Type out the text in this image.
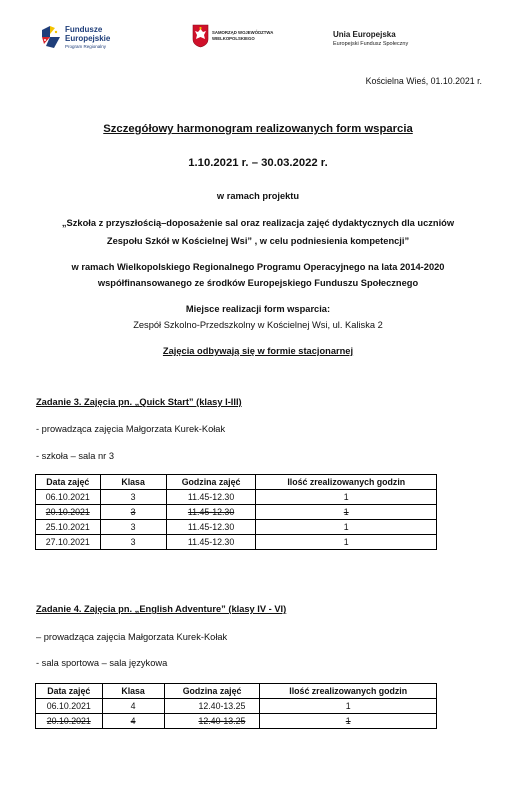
Fundusze
Europejskie
Program Regionalny
SAMORZĄD WOJEWÓDZTWA
WIELKOPOLSKIEGO	Unia Europejska
Europejski Fundusz Społeczny
Kościelna Wieś, 01.10.2021 r.
Szczegółowy harmonogram realizowanych form wsparcia
1.10.2021 r. – 30.03.2022 r.
w ramach projektu
„Szkoła z przyszłością–doposażenie sal oraz realizacja zajęć dydaktycznych dla uczniów
Zespołu Szkół w Kościelnej Wsi” , w celu podniesienia kompetencji”
w ramach Wielkopolskiego Regionalnego Programu Operacyjnego na lata 2014-2020
współfinansowanego ze środków Europejskiego Funduszu Społecznego
Miejsce realizacji form wsparcia:
Zespół Szkolno-Przedszkolny w Kościelnej Wsi, ul. Kaliska 2
Zajęcia odbywają się w formie stacjonarnej
Zadanie 3. Zajęcia pn. „Quick Start” (klasy I-III)
- prowadząca zajęcia Małgorzata Kurek-Kołak
- szkoła – sala nr 3
Data zajęć	Klasa	Godzina zajęć	Ilość zrealizowanych godzin
06.10.2021	3	11.45-12.30	1
20.10.2021	3	11.45-12.30	1
25.10.2021	3	11.45-12.30	1
27.10.2021	3	11.45-12.30	1
Zadanie 4. Zajęcia pn. „English Adventure” (klasy IV - VI)
– prowadząca zajęcia Małgorzata Kurek-Kołak
- sala sportowa – sala językowa
Data zajęć	Klasa	Godzina zajęć	Ilość zrealizowanych godzin
06.10.2021	4	12.40-13.25	1
20.10.2021	4	12.40-13.25	1
